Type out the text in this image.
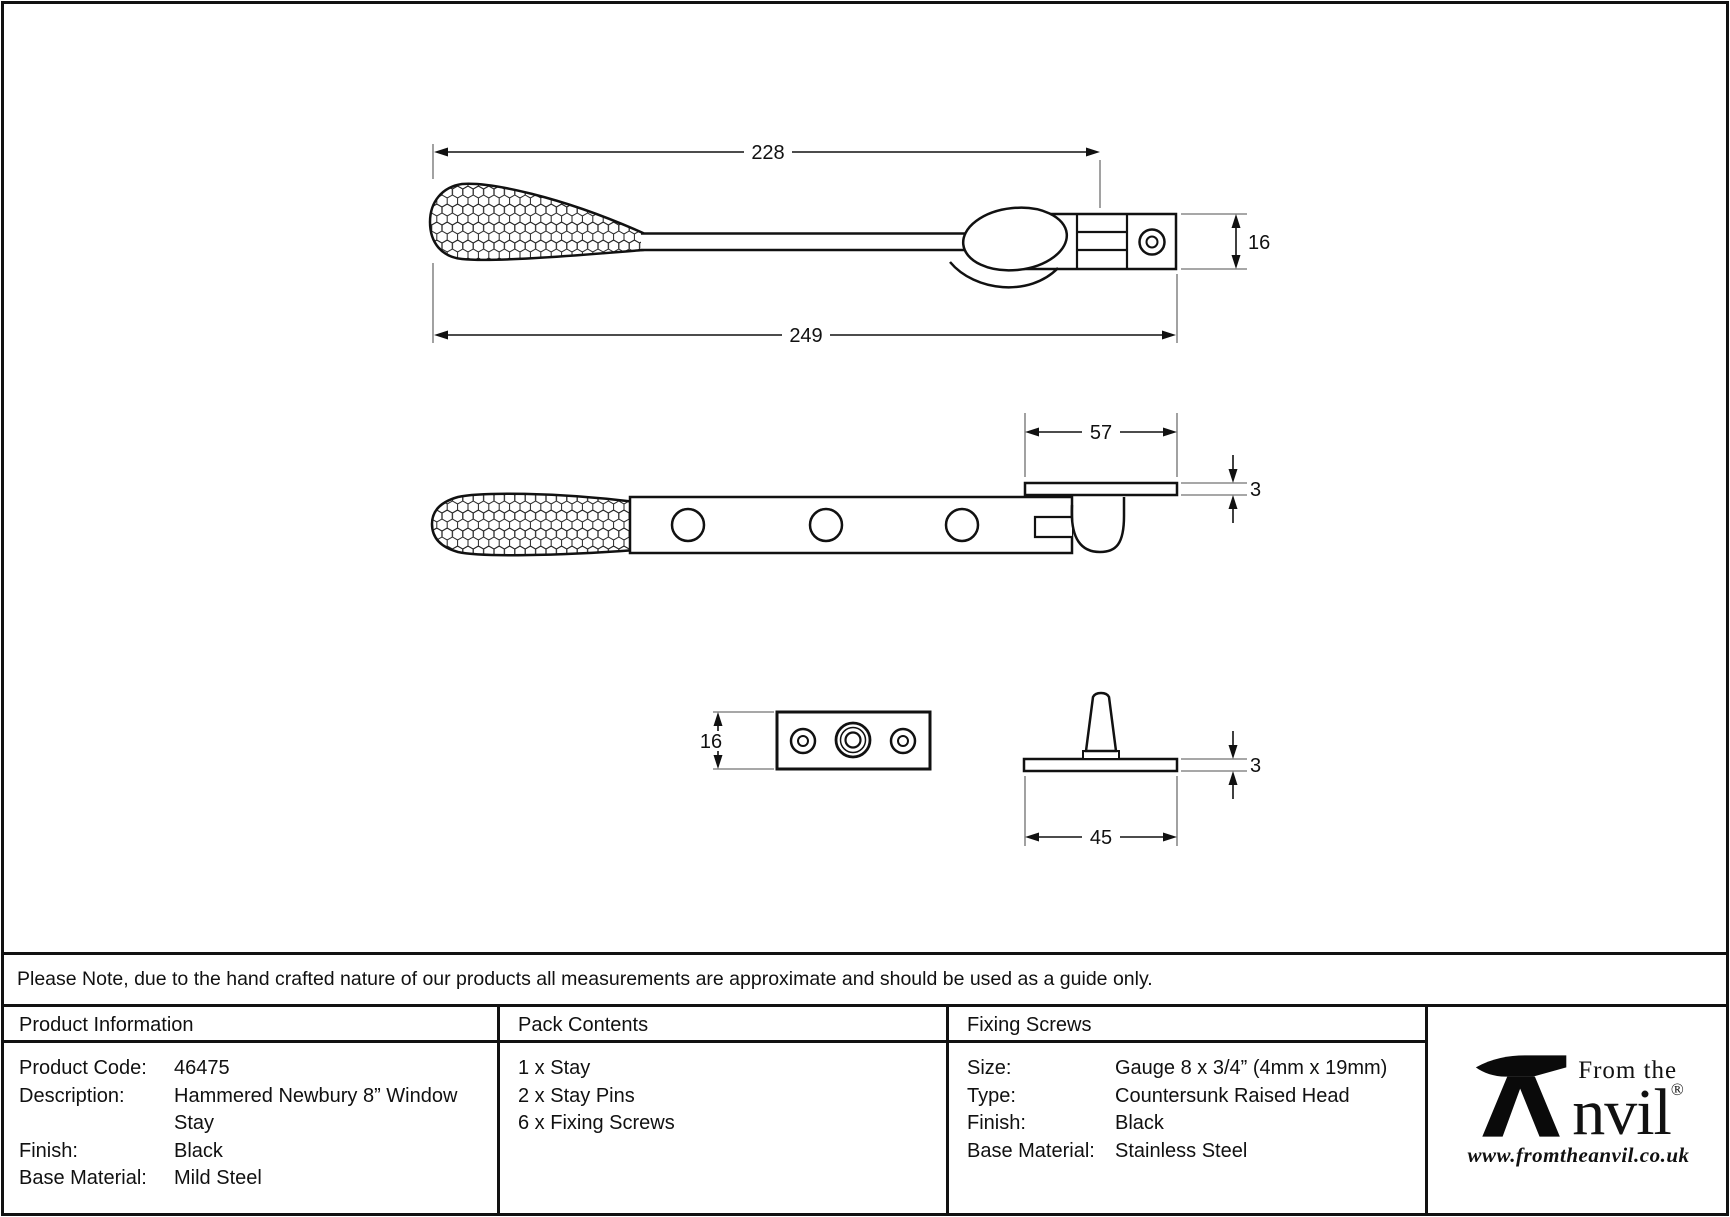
228
249
16
57
3
16
3
45
Please Note, due to the hand crafted nature of our products all measurements are approximate and should be used as a guide only.
Product Information
Product Code:	46475
Description:	Hammered Newbury 8” Window Stay
Finish:	Black
Base Material:	Mild Steel
Pack Contents
1 x Stay
2 x Stay Pins
6 x Fixing Screws
Fixing Screws
Size:	Gauge 8 x 3/4” (4mm x 19mm)
Type:	Countersunk Raised Head
Finish:	Black
Base Material:	Stainless Steel
From the
nvil ®
www.fromtheanvil.co.uk
